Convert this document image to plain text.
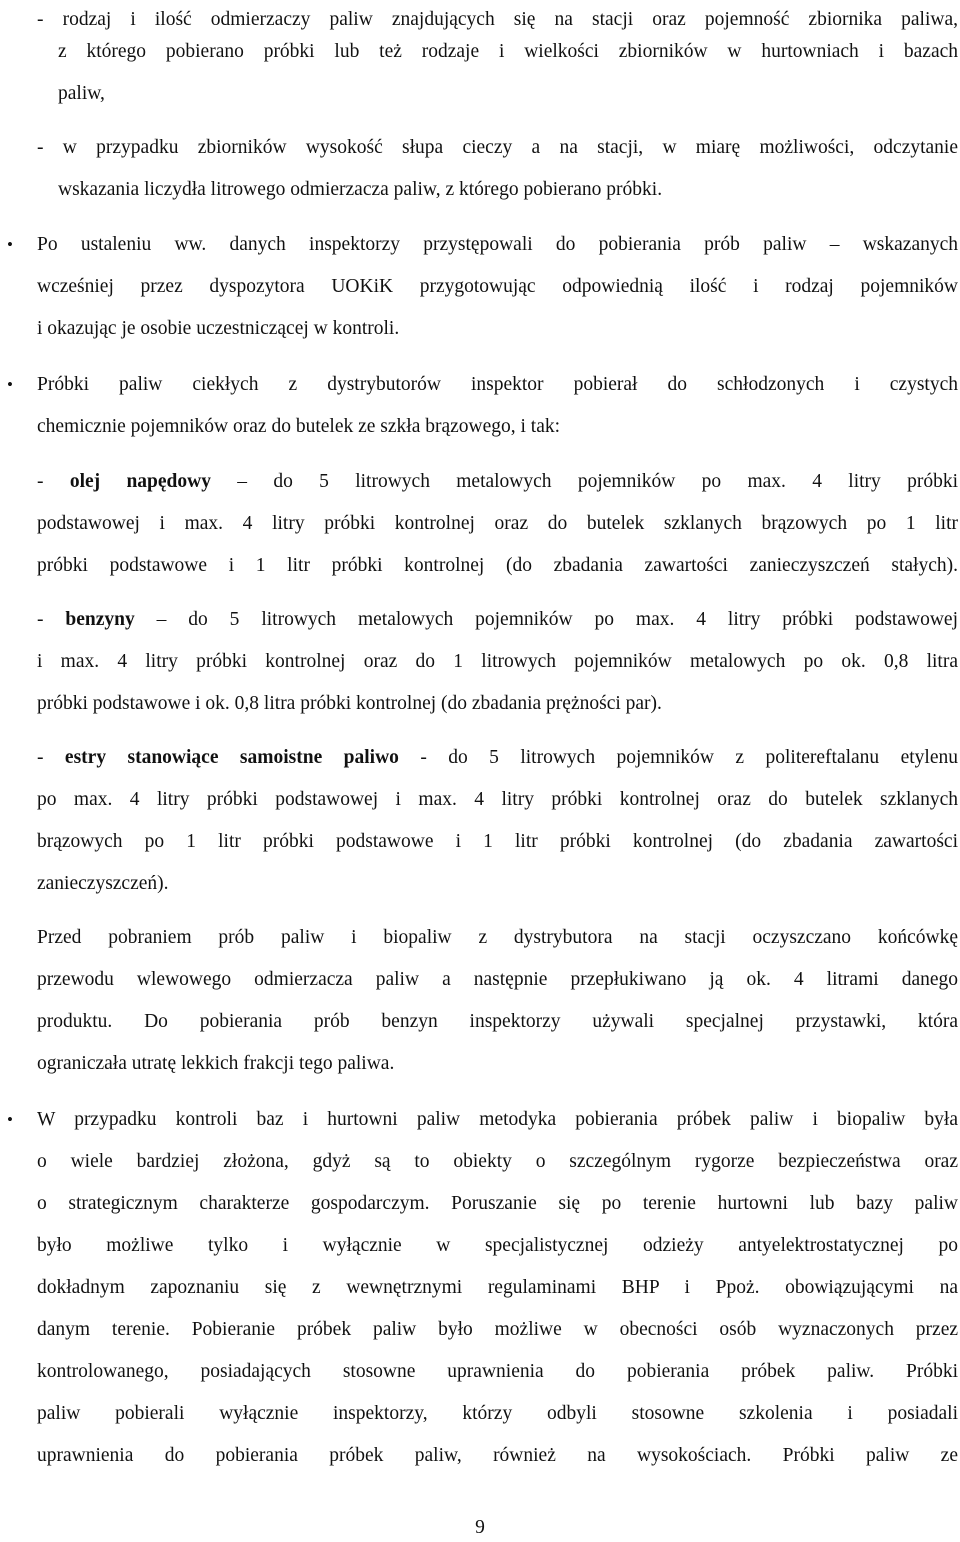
- rodzaj i ilość odmierzaczy paliw znajdujących się na stacji oraz pojemność zbiornika paliwa,
z którego pobierano próbki lub też rodzaje i wielkości zbiorników w hurtowniach i bazach
paliw,
- w przypadku zbiorników wysokość słupa cieczy a na stacji, w miarę możliwości, odczytanie
wskazania liczydła litrowego odmierzacza paliw, z którego pobierano próbki.
• Po ustaleniu ww. danych inspektorzy przystępowali do pobierania prób paliw – wskazanych
wcześniej przez dyspozytora UOKiK przygotowując odpowiednią ilość i rodzaj pojemników
i okazując je osobie uczestniczącej w kontroli.
• Próbki paliw ciekłych z dystrybutorów inspektor pobierał do schłodzonych i czystych
chemicznie pojemników oraz do butelek ze szkła brązowego, i tak:
- olej napędowy – do 5 litrowych metalowych pojemników po max. 4 litry próbki
podstawowej i max. 4 litry próbki kontrolnej oraz do butelek szklanych brązowych po 1 litr
próbki podstawowe i 1 litr próbki kontrolnej (do zbadania zawartości zanieczyszczeń stałych).
- benzyny – do 5 litrowych metalowych pojemników po max. 4 litry próbki podstawowej
i max. 4 litry próbki kontrolnej oraz do 1 litrowych pojemników metalowych po ok. 0,8 litra
próbki podstawowe i ok. 0,8 litra próbki kontrolnej (do zbadania prężności par).
- estry stanowiące samoistne paliwo - do 5 litrowych pojemników z politereftalanu etylenu
po max. 4 litry próbki podstawowej i max. 4 litry próbki kontrolnej oraz do butelek szklanych
brązowych po 1 litr próbki podstawowe i 1 litr próbki kontrolnej (do zbadania zawartości
zanieczyszczeń).
Przed pobraniem prób paliw i biopaliw z dystrybutora na stacji oczyszczano końcówkę
przewodu wlewowego odmierzacza paliw a następnie przepłukiwano ją ok. 4 litrami danego
produktu. Do pobierania prób benzyn inspektorzy używali specjalnej przystawki, która
ograniczała utratę lekkich frakcji tego paliwa.
• W przypadku kontroli baz i hurtowni paliw metodyka pobierania próbek paliw i biopaliw była
o wiele bardziej złożona, gdyż są to obiekty o szczególnym rygorze bezpieczeństwa oraz
o strategicznym charakterze gospodarczym. Poruszanie się po terenie hurtowni lub bazy paliw
było możliwe tylko i wyłącznie w specjalistycznej odzieży antyelektrostatycznej po
dokładnym zapoznaniu się z wewnętrznymi regulaminami BHP i Ppoż. obowiązującymi na
danym terenie. Pobieranie próbek paliw było możliwe w obecności osób wyznaczonych przez
kontrolowanego, posiadających stosowne uprawnienia do pobierania próbek paliw. Próbki
paliw pobierali wyłącznie inspektorzy, którzy odbyli stosowne szkolenia i posiadali
uprawnienia do pobierania próbek paliw, również na wysokościach. Próbki paliw ze
9
